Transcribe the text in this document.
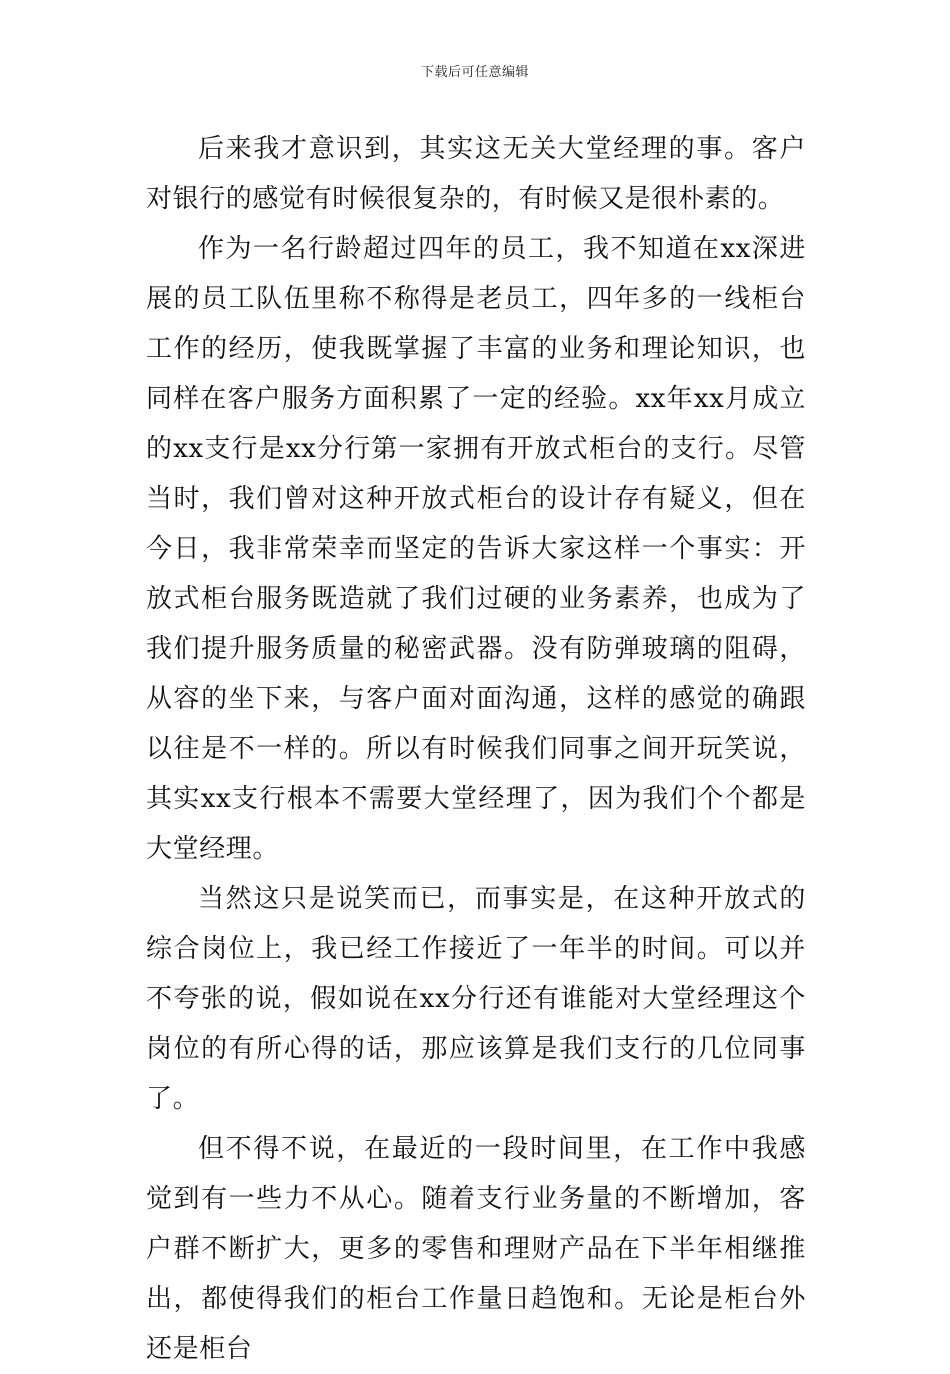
下载后可任意编辑

后来我才意识到，其实这无关大堂经理的事。客户对银行的感觉有时候很复杂的，有时候又是很朴素的。

作为一名行龄超过四年的员工，我不知道在xx深进展的员工队伍里称不称得是老员工，四年多的一线柜台工作的经历，使我既掌握了丰富的业务和理论知识，也同样在客户服务方面积累了一定的经验。xx年xx月成立的xx支行是xx分行第一家拥有开放式柜台的支行。尽管当时，我们曾对这种开放式柜台的设计存有疑义，但在今日，我非常荣幸而坚定的告诉大家这样一个事实：开放式柜台服务既造就了我们过硬的业务素养，也成为了我们提升服务质量的秘密武器。没有防弹玻璃的阻碍，从容的坐下来，与客户面对面沟通，这样的感觉的确跟以往是不一样的。所以有时候我们同事之间开玩笑说，其实xx支行根本不需要大堂经理了，因为我们个个都是大堂经理。

当然这只是说笑而已，而事实是，在这种开放式的综合岗位上，我已经工作接近了一年半的时间。可以并不夸张的说，假如说在xx分行还有谁能对大堂经理这个岗位的有所心得的话，那应该算是我们支行的几位同事了。

但不得不说，在最近的一段时间里，在工作中我感觉到有一些力不从心。随着支行业务量的不断增加，客户群不断扩大，更多的零售和理财产品在下半年相继推出，都使得我们的柜台工作量日趋饱和。无论是柜台外还是柜台
